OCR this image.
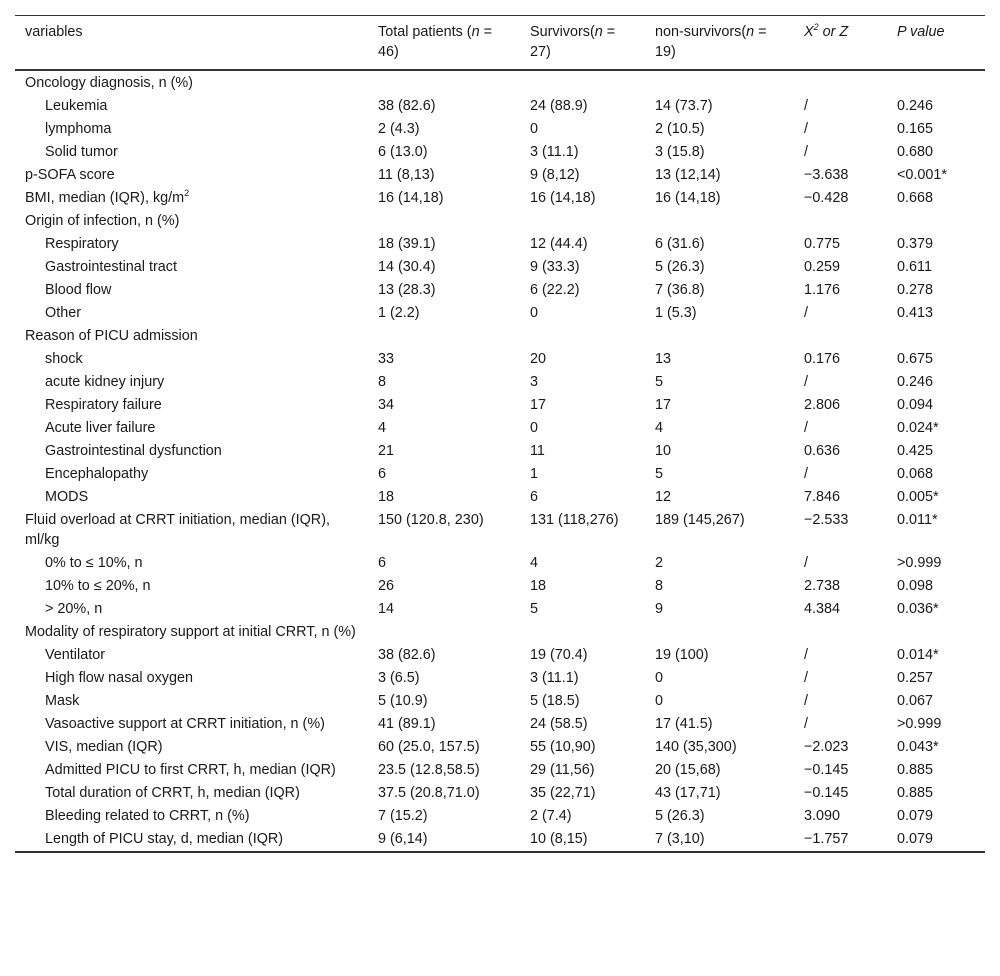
variables	Total patients (n = 46)	Survivors(n = 27)	non-survivors(n = 19)	$X^2$ or Z	P value
Oncology diagnosis, n (%)					
Leukemia	38 (82.6)	24 (88.9)	14 (73.7)	/	0.246
lymphoma	2 (4.3)	0	2 (10.5)	/	0.165
Solid tumor	6 (13.0)	3 (11.1)	3 (15.8)	/	0.680
p-SOFA score	11 (8,13)	9 (8,12)	13 (12,14)	−3.638	<0.001*
BMI, median (IQR), $kg/m^2$	16 (14,18)	16 (14,18)	16 (14,18)	−0.428	0.668
Origin of infection, n (%)					
Respiratory	18 (39.1)	12 (44.4)	6 (31.6)	0.775	0.379
Gastrointestinal tract	14 (30.4)	9 (33.3)	5 (26.3)	0.259	0.611
Blood flow	13 (28.3)	6 (22.2)	7 (36.8)	1.176	0.278
Other	1 (2.2)	0	1 (5.3)	/	0.413
Reason of PICU admission					
shock	33	20	13	0.176	0.675
acute kidney injury	8	3	5	/	0.246
Respiratory failure	34	17	17	2.806	0.094
Acute liver failure	4	0	4	/	0.024*
Gastrointestinal dysfunction	21	11	10	0.636	0.425
Encephalopathy	6	1	5	/	0.068
MODS	18	6	12	7.846	0.005*
Fluid overload at CRRT initiation, median (IQR), ml/kg	150 (120.8, 230)	131 (118,276)	189 (145,267)	−2.533	0.011*
0% to ≤ 10%, n	6	4	2	/	>0.999
10% to ≤ 20%, n	26	18	8	2.738	0.098
> 20%, n	14	5	9	4.384	0.036*
Modality of respiratory support at initial CRRT, n (%)					
Ventilator	38 (82.6)	19 (70.4)	19 (100)	/	0.014*
High flow nasal oxygen	3 (6.5)	3 (11.1)	0	/	0.257
Mask	5 (10.9)	5 (18.5)	0	/	0.067
Vasoactive support at CRRT initiation, n (%)	41 (89.1)	24 (58.5)	17 (41.5)	/	>0.999
VIS, median (IQR)	60 (25.0, 157.5)	55 (10,90)	140 (35,300)	−2.023	0.043*
Admitted PICU to first CRRT, h, median (IQR)	23.5 (12.8,58.5)	29 (11,56)	20 (15,68)	−0.145	0.885
Total duration of CRRT, h, median (IQR)	37.5 (20.8,71.0)	35 (22,71)	43 (17,71)	−0.145	0.885
Bleeding related to CRRT, n (%)	7 (15.2)	2 (7.4)	5 (26.3)	3.090	0.079
Length of PICU stay, d, median (IQR)	9 (6,14)	10 (8,15)	7 (3,10)	−1.757	0.079
